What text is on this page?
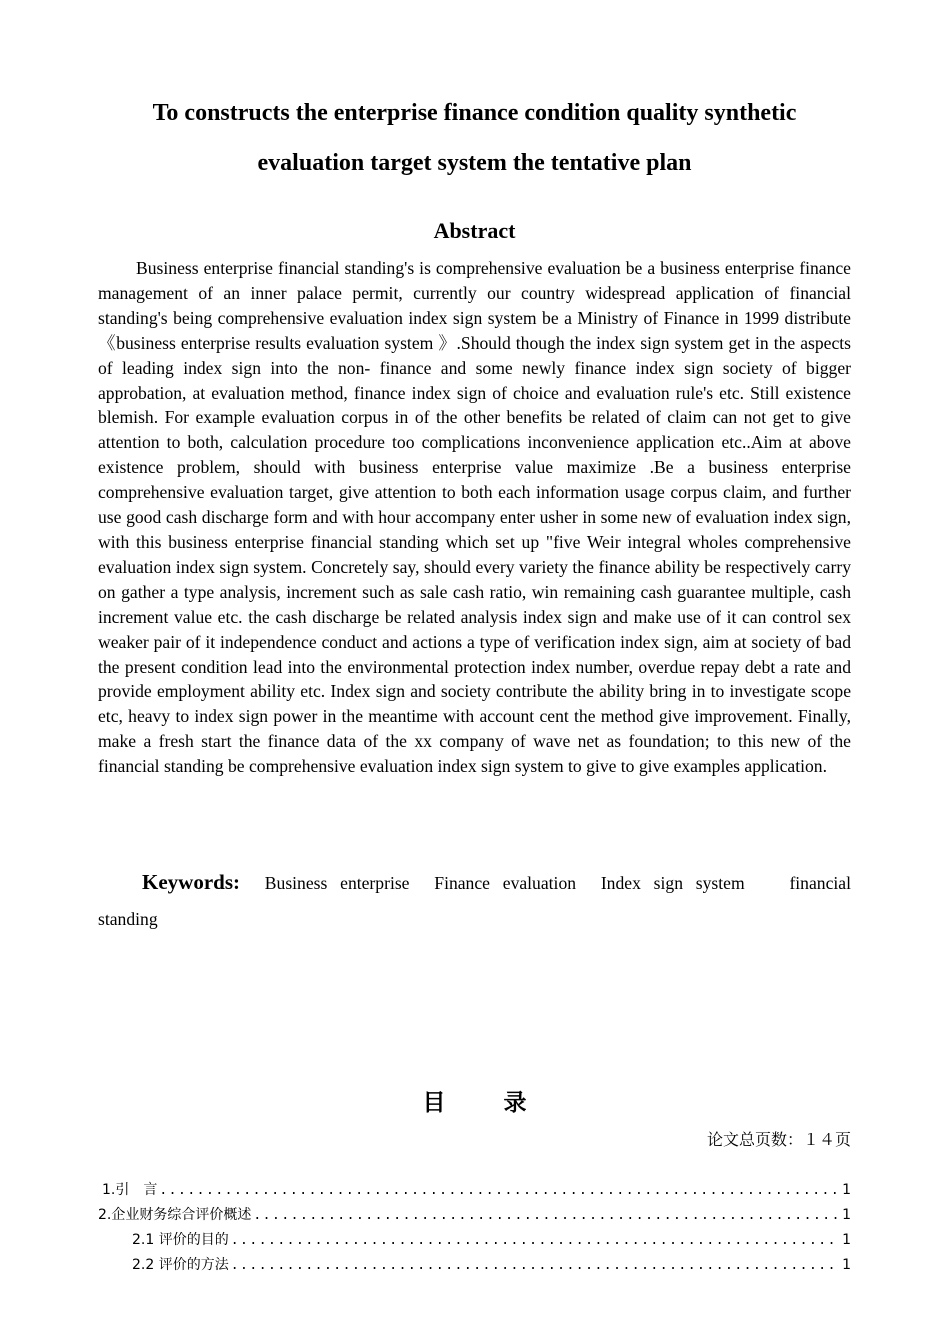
To constructs the enterprise finance condition quality synthetic
evaluation target system the tentative plan
Abstract

Business enterprise financial standing's is comprehensive evaluation be a business enterprise finance management of an inner palace permit, currently our country widespread application of financial standing's being comprehensive evaluation index sign system be a Ministry of Finance in 1999 distribute 《business enterprise results evaluation system 》.Should though the index sign system get in the aspects of leading index sign into the non- finance and some newly finance index sign society of bigger approbation, at evaluation method, finance index sign of choice and evaluation rule's etc. Still existence blemish. For example evaluation corpus in of the other benefits be related of claim can not get to give attention to both, calculation procedure too complications inconvenience application etc..Aim at above existence problem, should with business enterprise value maximize .Be a business enterprise comprehensive evaluation target, give attention to both each information usage corpus claim, and further use good cash discharge form and with hour accompany enter usher in some new of evaluation index sign, with this business enterprise financial standing which set up "five Weir integral wholes comprehensive evaluation index sign system. Concretely say, should every variety the finance ability be respectively carry on gather a type analysis, increment such as sale cash ratio, win remaining cash guarantee multiple, cash increment value etc. the cash discharge be related analysis index sign and make use of it can control sex weaker pair of it independence conduct and actions a type of verification index sign, aim at society of bad the present condition lead into the environmental protection index number, overdue repay debt a rate and provide employment ability etc. Index sign and society contribute the ability bring in to investigate scope etc, heavy to index sign power in the meantime with account cent the method give improvement. Finally, make a fresh start the finance data of the xx company of wave net as foundation; to this new of the financial standing be comprehensive evaluation index sign system to give to give examples application.

Keywords: Business enterprise Finance evaluation Index sign system	financial standing
目录
论文总页数：１４页
1.引　言 .....	1
2.企业财务综合评价概述 .....	1
2.1 评价的目的 .....	1
2.2 评价的方法 .....	1
